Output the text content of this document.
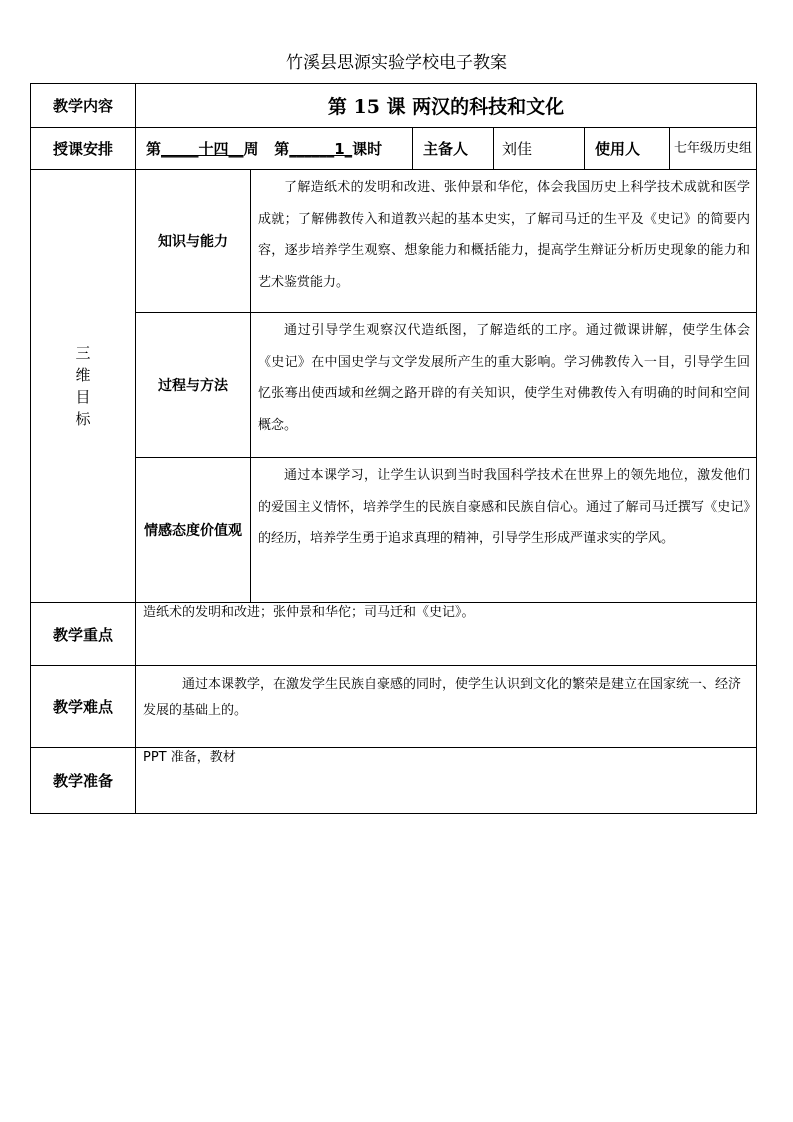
竹溪县思源实验学校电子教案
教学内容	第 15 课 两汉的科技和文化					
授课安排	第_____十四__周 第______1_课时		主备人	刘佳	使用人	七年级历史组

三
维
目
标	知识与能力	了解造纸术的发明和改进、张仲景和华佗，体会我国历史上科学技术成就和医学成就；了解佛教传入和道教兴起的基本史实，了解司马迁的生平及《史记》的简要内容，逐步培养学生观察、想象能力和概括能力，提高学生辩证分析历史现象的能力和艺术鉴赏能力。				
	过程与方法	通过引导学生观察汉代造纸图，了解造纸的工序。通过微课讲解，使学生体会《史记》在中国史学与文学发展所产生的重大影响。学习佛教传入一目，引导学生回忆张骞出使西域和丝绸之路开辟的有关知识，使学生对佛教传入有明确的时间和空间概念。				
	情感态度价值观	通过本课学习，让学生认识到当时我国科学技术在世界上的领先地位，激发他们的爱国主义情怀，培养学生的民族自豪感和民族自信心。通过了解司马迁撰写《史记》的经历，培养学生勇于追求真理的精神，引导学生形成严谨求实的学风。				
教学重点	造纸术的发明和改进；张仲景和华佗；司马迁和《史记》。					
教学难点	通过本课教学，在激发学生民族自豪感的同时，使学生认识到文化的繁荣是建立在国家统一、经济发展的基础上的。					
教学准备	PPT 准备，教材					
